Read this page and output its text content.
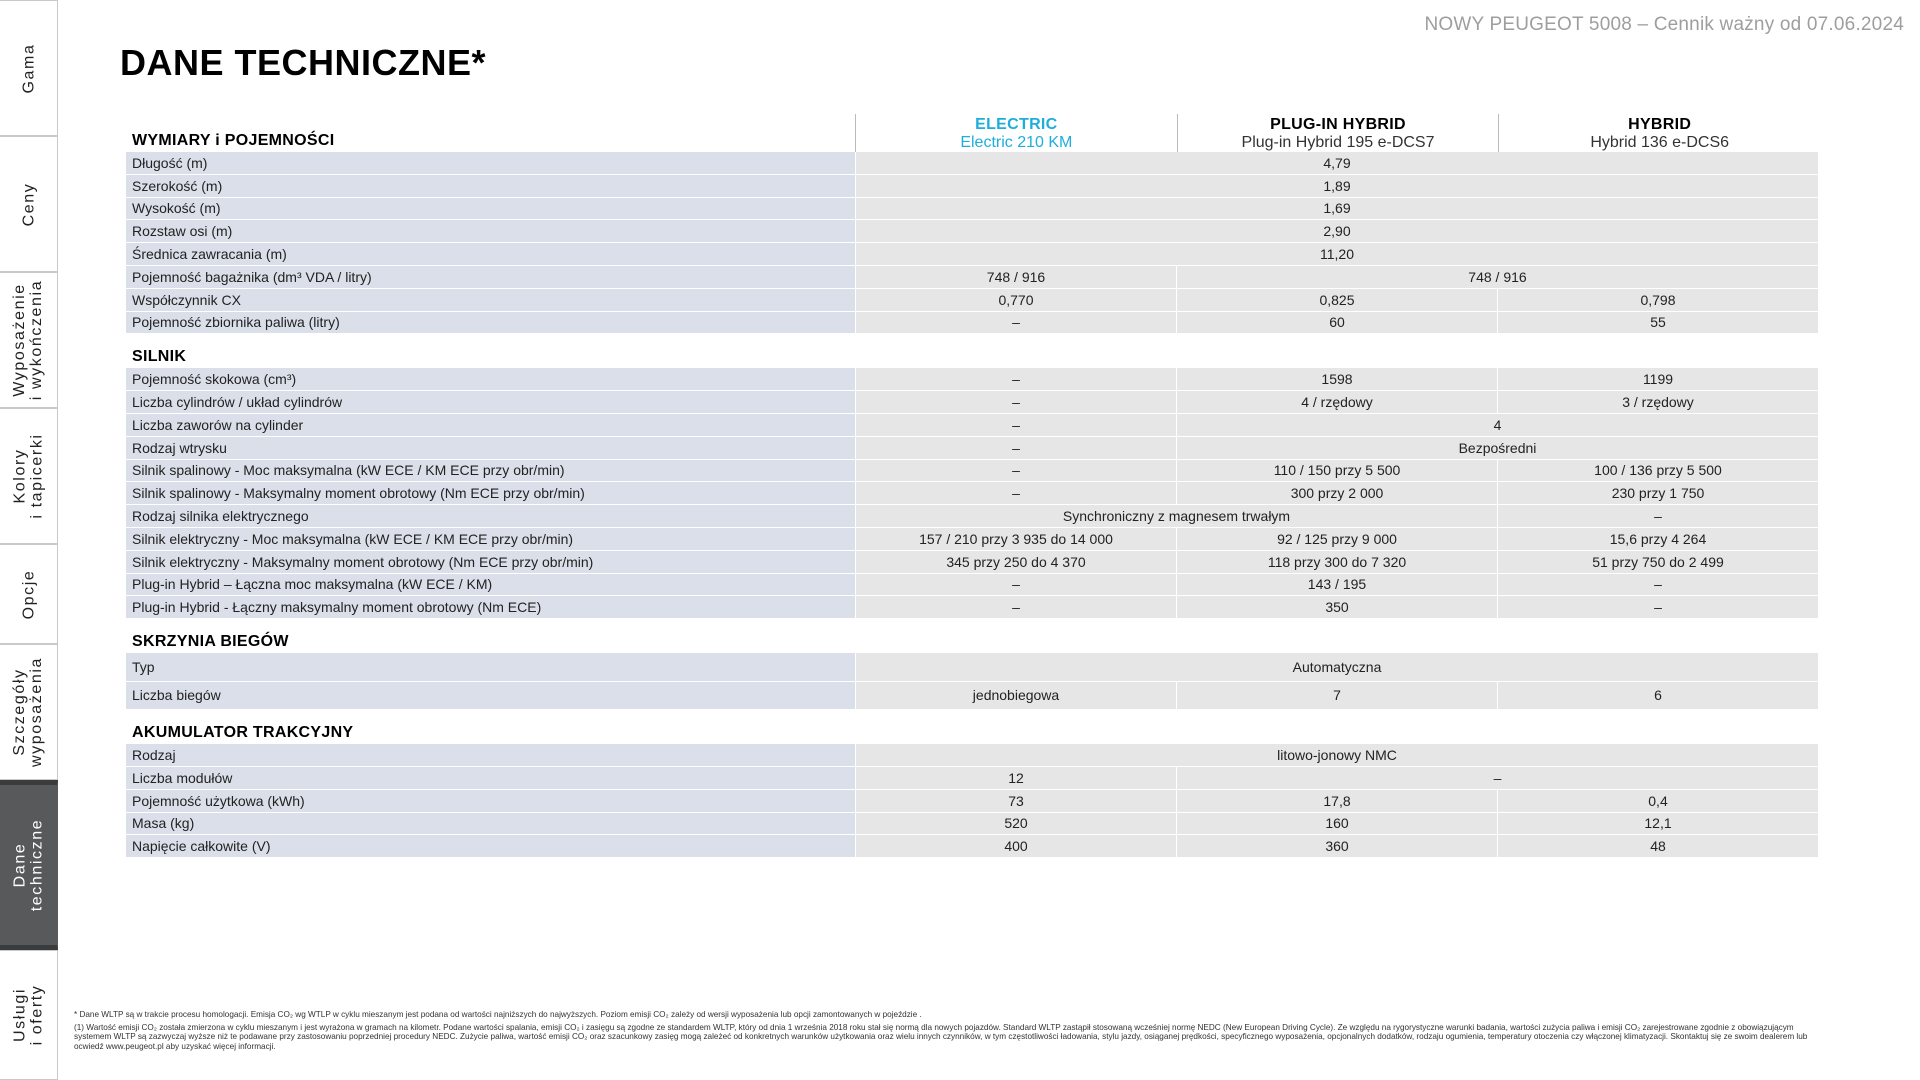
Gama
Ceny
Wyposażenie
i wykończenia
Kolory
i tapicerki
Opcje
Szczegóły
wyposażenia
Dane
techniczne
Usługi
i oferty
NOWY PEUGEOT 5008 – Cennik ważny od 07.06.2024
DANE TECHNICZNE*
WYMIARY i POJEMNOŚCI
ELECTRIC
Electric 210 KM
PLUG-IN HYBRID
Plug-in Hybrid 195 e-DCS7
HYBRID
Hybrid 136 e-DCS6
Długość (m)	4,79
Szerokość (m)	1,89
Wysokość (m)	1,69
Rozstaw osi (m)	2,90
Średnica zawracania (m)	11,20
Pojemność bagażnika (dm³ VDA / litry)	748 / 916	748 / 916
Współczynnik CX	0,770	0,825	0,798
Pojemność zbiornika paliwa (litry)	–	60	55
SILNIK
Pojemność skokowa (cm³)	–	1598	1199
Liczba cylindrów / układ cylindrów	–	4 / rzędowy	3 / rzędowy
Liczba zaworów na cylinder	–	4
Rodzaj wtrysku	–	Bezpośredni
Silnik spalinowy - Moc maksymalna (kW ECE / KM ECE przy obr/min)	–	110 / 150 przy 5 500	100 / 136 przy 5 500
Silnik spalinowy - Maksymalny moment obrotowy (Nm ECE przy obr/min)	–	300 przy 2 000	230 przy 1 750
Rodzaj silnika elektrycznego	Synchroniczny z magnesem trwałym	–
Silnik elektryczny - Moc maksymalna (kW ECE / KM ECE przy obr/min)	157 / 210 przy 3 935 do 14 000	92 / 125 przy 9 000	15,6 przy 4 264
Silnik elektryczny - Maksymalny moment obrotowy (Nm ECE przy obr/min)	345 przy 250 do 4 370	118 przy 300 do 7 320	51 przy 750 do 2 499
Plug-in Hybrid – Łączna moc maksymalna (kW ECE / KM)	–	143 / 195	–
Plug-in Hybrid - Łączny maksymalny moment obrotowy (Nm ECE)	–	350	–
SKRZYNIA BIEGÓW
Typ	Automatyczna
Liczba biegów	jednobiegowa	7	6
AKUMULATOR TRAKCYJNY
Rodzaj	litowo-jonowy NMC
Liczba modułów	12	–
Pojemność użytkowa (kWh)	73	17,8	0,4
Masa (kg)	520	160	12,1
Napięcie całkowite (V)	400	360	48

* Dane WLTP są w trakcie procesu homologacji. Emisja CO₂ wg WTLP w cyklu mieszanym jest podana od wartości najniższych do najwyższych. Poziom emisji CO₂ zależy od wersji wyposażenia lub opcji zamontowanych w pojeździe .

(1) Wartość emisji CO₂ została zmierzona w cyklu mieszanym i jest wyrażona w gramach na kilometr. Podane wartości spalania, emisji CO₂ i zasięgu są zgodne ze standardem WLTP, który od dnia 1 września 2018 roku stał się normą dla nowych pojazdów. Standard WLTP zastąpił stosowaną wcześniej normę NEDC (New European Driving Cycle). Ze względu na rygorystyczne warunki badania, wartości zużycia paliwa i emisji CO₂ zarejestrowane zgodnie z obowiązującym systemem WLTP są zazwyczaj wyższe niż te podawane przy zastosowaniu poprzedniej procedury NEDC. Zużycie paliwa, wartość emisji CO₂ oraz szacunkowy zasięg mogą zależeć od konkretnych warunków użytkowania oraz wielu innych czynników, w tym częstotliwości ładowania, stylu jazdy, osiąganej prędkości, specyficznego wyposażenia, opcjonalnych dodatków, rodzaju ogumienia, temperatury otoczenia czy włączonej klimatyzacji. Skontaktuj się ze swoim dealerem lub ocwiedź www.peugeot.pl aby uzyskać więcej informacji.
